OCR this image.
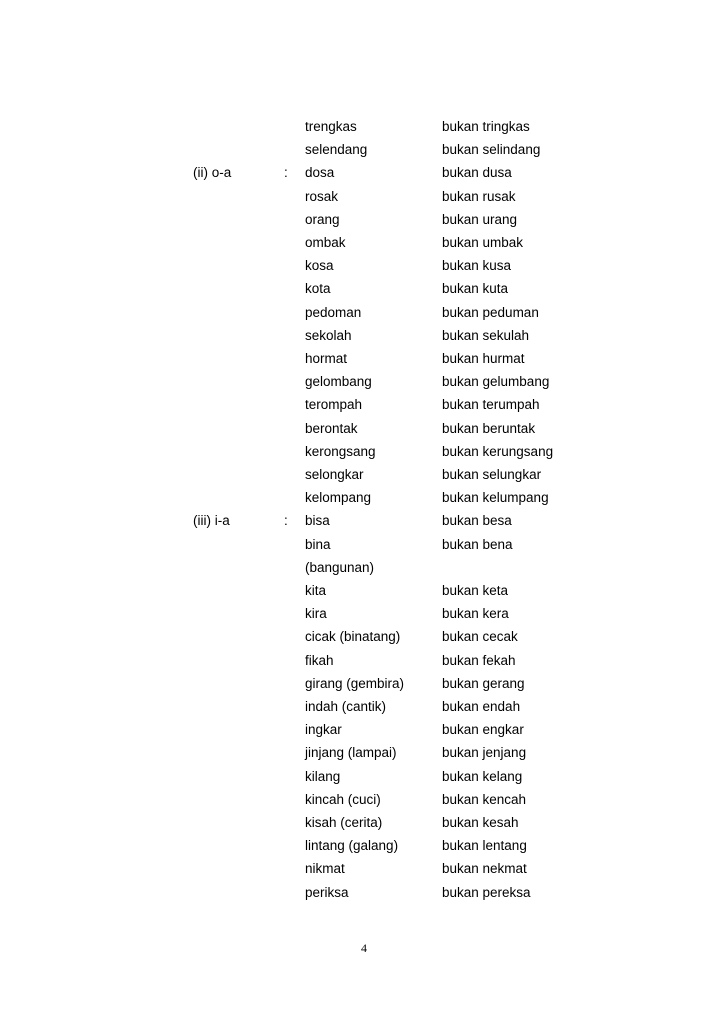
trengkas	bukan tringkas
selendang	bukan selindang
(ii) o-a	: dosa	bukan dusa
rosak	bukan rusak
orang	bukan urang
ombak	bukan umbak
kosa	bukan kusa
kota	bukan kuta
pedoman	bukan peduman
sekolah	bukan sekulah
hormat	bukan hurmat
gelombang	bukan gelumbang
terompah	bukan terumpah
berontak	bukan beruntak
kerongsang	bukan kerungsang
selongkar	bukan selungkar
kelompang	bukan kelumpang
(iii) i-a	: bisa	bukan besa
bina	bukan bena
(bangunan)
kita	bukan keta
kira	bukan kera
cicak (binatang)	bukan cecak
fikah	bukan fekah
girang (gembira)	bukan gerang
indah (cantik)	bukan endah
ingkar	bukan engkar
jinjang (lampai)	bukan jenjang
kilang	bukan kelang
kincah (cuci)	bukan kencah
kisah (cerita)	bukan kesah
lintang (galang)	bukan lentang
nikmat	bukan nekmat
periksa	bukan pereksa
4
